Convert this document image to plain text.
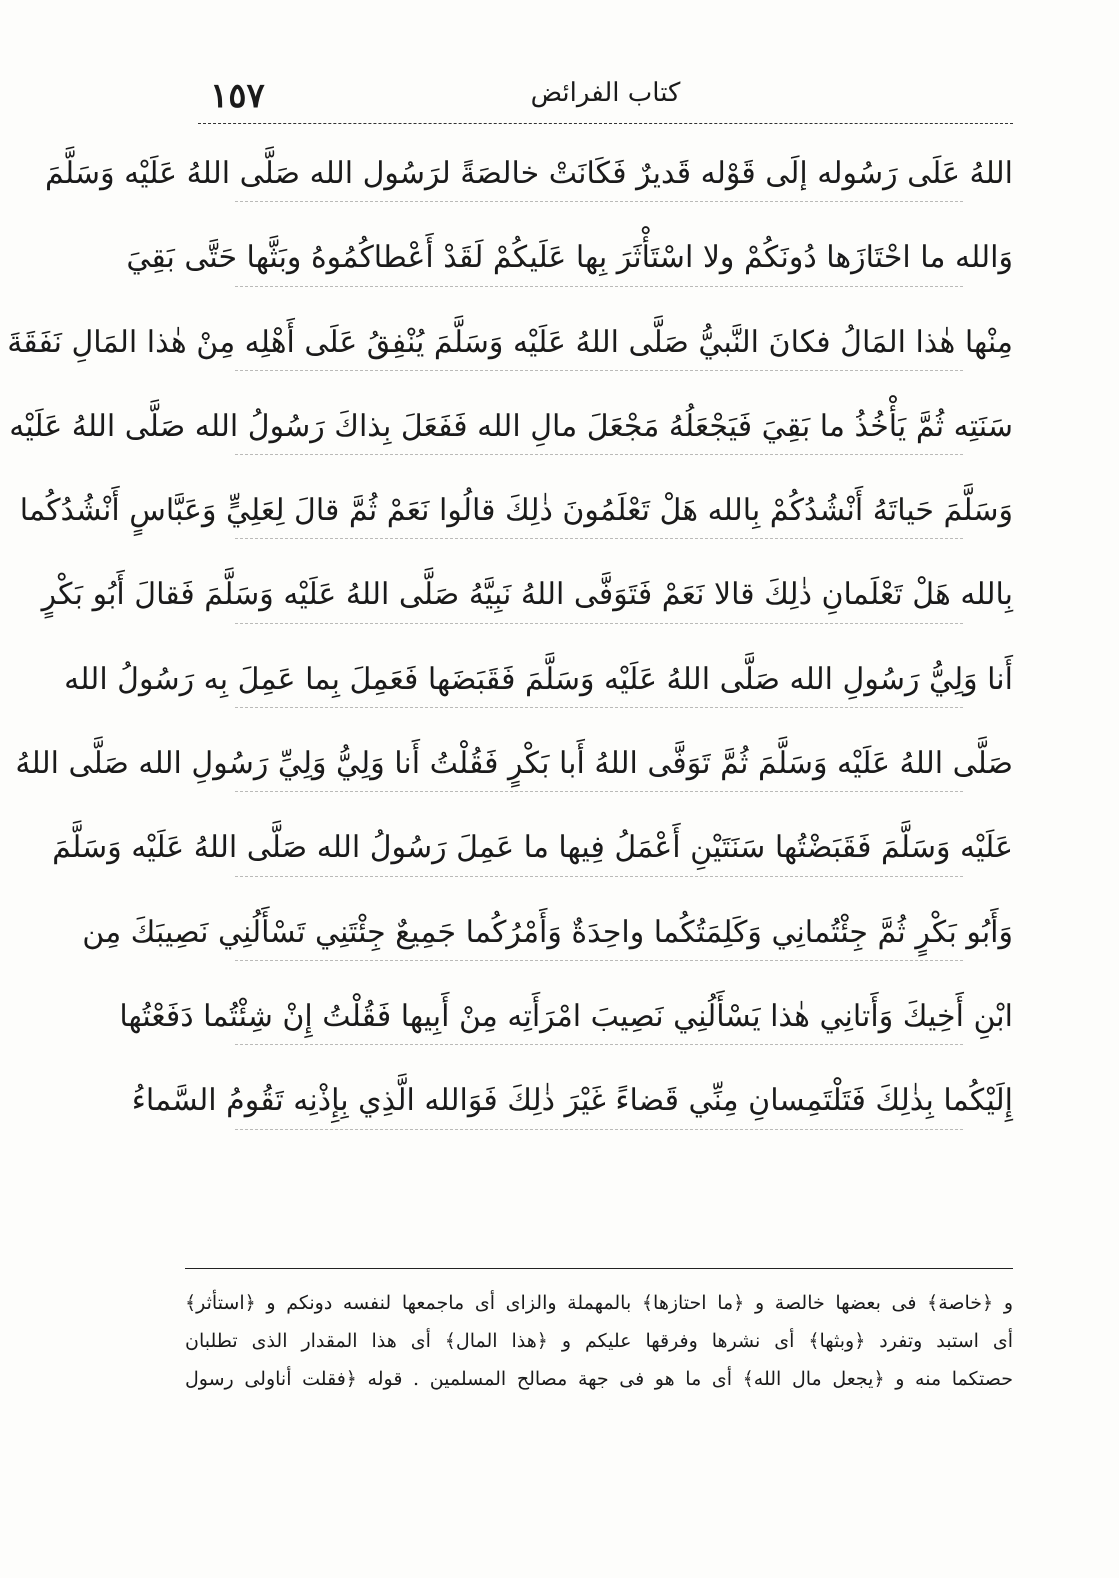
١٥٧	كتاب الفرائض
اللهُ عَلَى رَسُوله إلَى قَوْله قَديرٌ فَكَانَتْ خالصَةً لرَسُول الله صَلَّى اللهُ عَلَيْه وَسَلَّمَ
وَالله ما احْتَازَها دُونَكُمْ ولا اسْتَأْثَرَ بِها عَلَيكُمْ لَقَدْ أَعْطاكُمُوهُ وبَثَّها حَتَّى بَقِيَ
مِنْها هٰذا المَالُ فكانَ النَّبيُّ صَلَّى اللهُ عَلَيْه وَسَلَّمَ يُنْفِقُ عَلَى أَهْلِه مِنْ هٰذا المَالِ نَفَقَةَ
سَنَتِه ثُمَّ يَأْخُذُ ما بَقِيَ فَيَجْعَلُهُ مَجْعَلَ مالِ الله فَفَعَلَ بِذاكَ رَسُولُ الله صَلَّى اللهُ عَلَيْه
وَسَلَّمَ حَياتَهُ أَنْشُدُكُمْ بِالله هَلْ تَعْلَمُونَ ذٰلِكَ قالُوا نَعَمْ ثُمَّ قالَ لِعَلِيٍّ وَعَبَّاسٍ أَنْشُدُكُما
بِالله هَلْ تَعْلَمانِ ذٰلِكَ قالا نَعَمْ فَتَوَفَّى اللهُ نَبِيَّهُ صَلَّى اللهُ عَلَيْه وَسَلَّمَ فَقالَ أَبُو بَكْرٍ
أَنا وَلِيُّ رَسُولِ الله صَلَّى اللهُ عَلَيْه وَسَلَّمَ فَقَبَضَها فَعَمِلَ بِما عَمِلَ بِه رَسُولُ الله
صَلَّى اللهُ عَلَيْه وَسَلَّمَ ثُمَّ تَوَفَّى اللهُ أَبا بَكْرٍ فَقُلْتُ أَنا وَلِيُّ وَلِيِّ رَسُولِ الله صَلَّى اللهُ
عَلَيْه وَسَلَّمَ فَقَبَضْتُها سَنَتَيْنِ أَعْمَلُ فِيها ما عَمِلَ رَسُولُ الله صَلَّى اللهُ عَلَيْه وَسَلَّمَ
وَأَبُو بَكْرٍ ثُمَّ جِئْتُمانِي وَكَلِمَتُكُما واحِدَةٌ وَأَمْرُكُما جَمِيعٌ جِئْتَنِي تَسْأَلُنِي نَصِيبَكَ مِن
ابْنِ أَخِيكَ وَأَتانِي هٰذا يَسْأَلُنِي نَصِيبَ امْرَأَتِه مِنْ أَبِيها فَقُلْتُ إِنْ شِئْتُما دَفَعْتُها
إِلَيْكُما بِذٰلِكَ فَتَلْتَمِسانِ مِنِّي قَضاءً غَيْرَ ذٰلِكَ فَوَالله الَّذِي بِإِذْنِه تَقُومُ السَّماءُ
و ﴿خاصة﴾ فى بعضها خالصة و ﴿ما احتازها﴾ بالمهملة والزاى أى ماجمعها لنفسه دونكم و ﴿استأثر﴾
أى استبد وتفرد ﴿وبثها﴾ أى نشرها وفرقها عليكم و ﴿هذا المال﴾ أى هذا المقدار الذى تطلبان
حصتكما منه و ﴿يجعل مال الله﴾ أى ما هو فى جهة مصالح المسلمين . قوله ﴿فقلت أناولى رسول
